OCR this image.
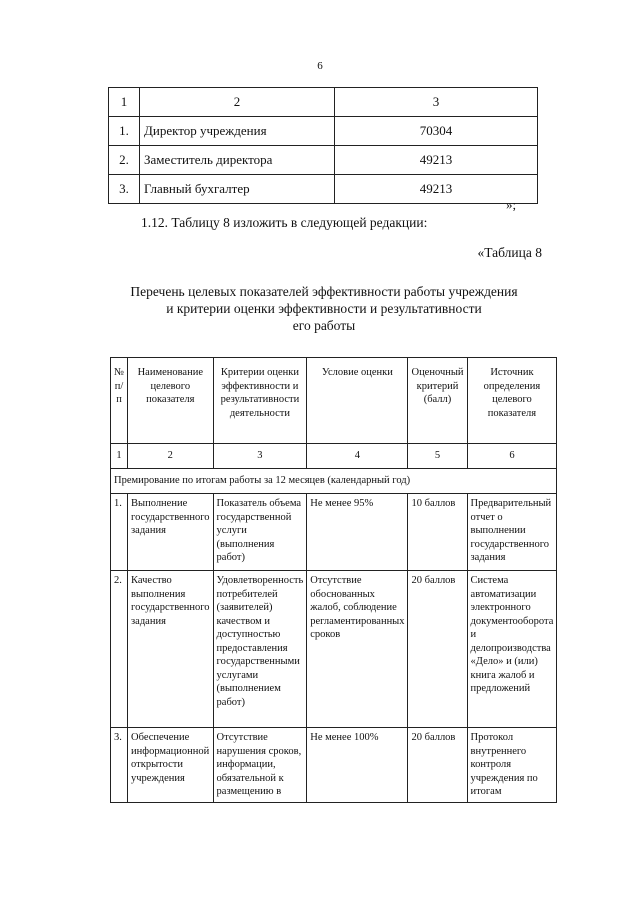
6
1	2	3
1.	Директор учреждения	70304
2.	Заместитель директора	49213
3.	Главный бухгалтер	49213
»;
1.12. Таблицу 8 изложить в следующей редакции:
«Таблица 8
Перечень целевых показателей эффективности работы учреждения
и критерии оценки эффективности и результативности
его работы
№ п/ п	Наименование целевого показателя	Критерии оценки эффективности и результативности деятельности	Условие оценки	Оценочный критерий (балл)	Источник определения целевого показателя
1	2	3	4	5	6
Премирование по итогам работы за 12 месяцев (календарный год)					
1.	Выполнение государственного задания	Показатель объема государственной услуги (выполнения работ)	Не менее 95%	10 баллов	Предварительный отчет о выполнении государственного задания
2.	Качество выполнения государственного задания	Удовлетворенность потребителей (заявителей) качеством и доступностью предоставления государственными услугами (выполнением работ)	Отсутствие обоснованных жалоб, соблюдение регламентированных сроков	20 баллов	Система автоматизации электронного документооборота и делопроизводства «Дело» и (или) книга жалоб и предложений
3.	Обеспечение информационной открытости учреждения	Отсутствие нарушения сроков, информации, обязательной к размещению в	Не менее 100%	20 баллов	Протокол внутреннего контроля учреждения по итогам
